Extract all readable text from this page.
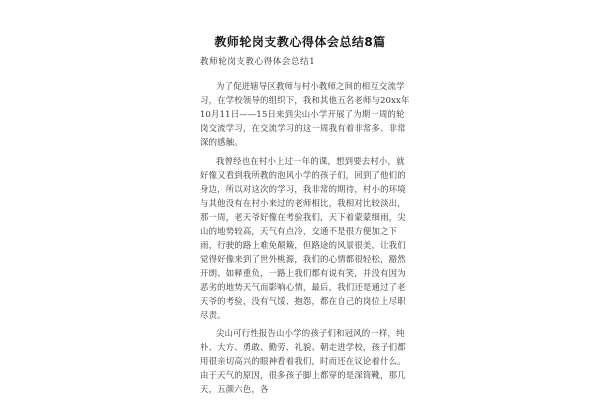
教师轮岗支教心得体会总结8篇
教师轮岗支教心得体会总结1

为了促进辖导区教师与村小教师之间的相互交流学习，在学校领导的组织下，我和其他五名老师与20xx年10月11日——15日来到尖山小学开展了为期一周的轮岗交流学习，在交流学习的这一周我有着非常多、非常深的感触。

我曾经也在村小上过一年的课，想到要去村小，就好像又看到我所教的泡风小学的孩子们，回到了他们的身边，所以对这次的学习，我非常的期待，村小的环境与其他没有在村小来过的老师相比，我相对比较淡出，那一周，老天爷好像在考验我们，天下着蒙蒙细雨，尖山的地势较高，天气有点冷，交通不是很方便加之下雨，行驶的路上难免颠簸，但路途的风景很美，让我们觉得好像来到了世外桃源，我们的心情都很轻松，豁然开朗、如释重负，一路上我们都有说有笑，并没有因为恶劣的地势天气而影响心情，最后，我们还是通过了老天爷的考验，没有气馁、抱怨，都在自己的岗位上尽职尽责。

尖山可行性报告山小学的孩子们和冠风的一样，纯朴、大方、勇敢、勤劳、礼貌、朝走进学校，孩子们都用很亲切高兴的眼神看着我们，时而还在议论着什么。由于天气的原因，很多孩子脚上都穿的是深筒靴，那几天，五颜六色，各
